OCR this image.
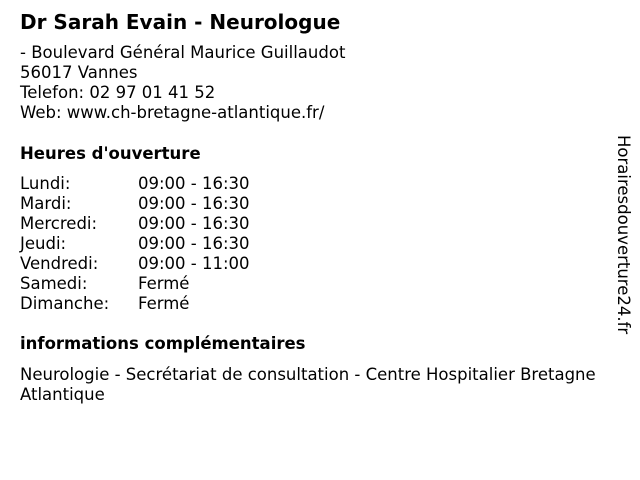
Dr Sarah Evain - Neurologue
- Boulevard Général Maurice Guillaudot
56017 Vannes
Telefon: 02 97 01 41 52
Web: www.ch-bretagne-atlantique.fr/
Heures d'ouverture
Lundi:	09:00 - 16:30
Mardi:	09:00 - 16:30
Mercredi:	09:00 - 16:30
Jeudi:	09:00 - 16:30
Vendredi:	09:00 - 11:00
Samedi:	Fermé
Dimanche:	Fermé
informations complémentaires
Neurologie - Secrétariat de consultation - Centre Hospitalier Bretagne Atlantique
Horairesdouverture24.fr
